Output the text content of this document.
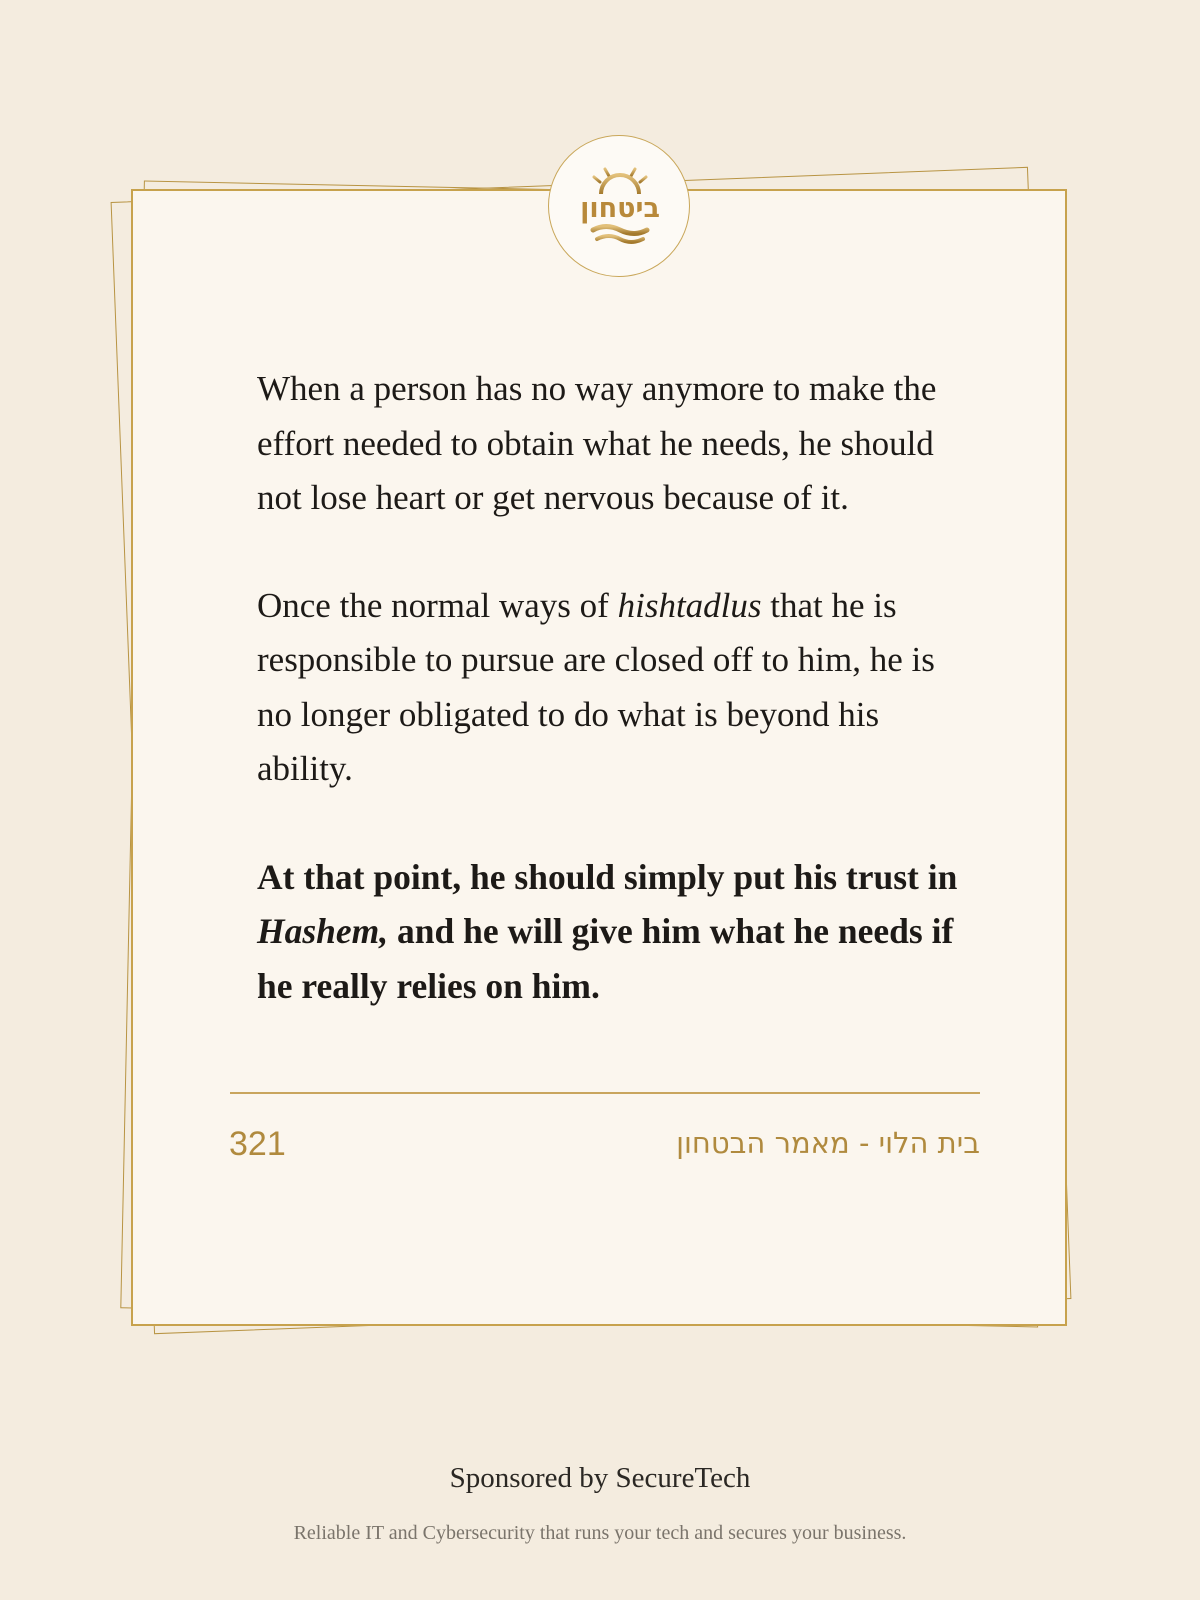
ביטחון

When a person has no way anymore to make the effort needed to obtain what he needs, he should not lose heart or get nervous because of it.

Once the normal ways of hishtadlus that he is responsible to pursue are closed off to him, he is no longer obligated to do what is beyond his ability.

At that point, he should simply put his trust in Hashem, and he will give him what he needs if he really relies on him.

321	בית הלוי - מאמר הבטחון
Sponsored by SecureTech
Reliable IT and Cybersecurity that runs your tech and secures your business.
